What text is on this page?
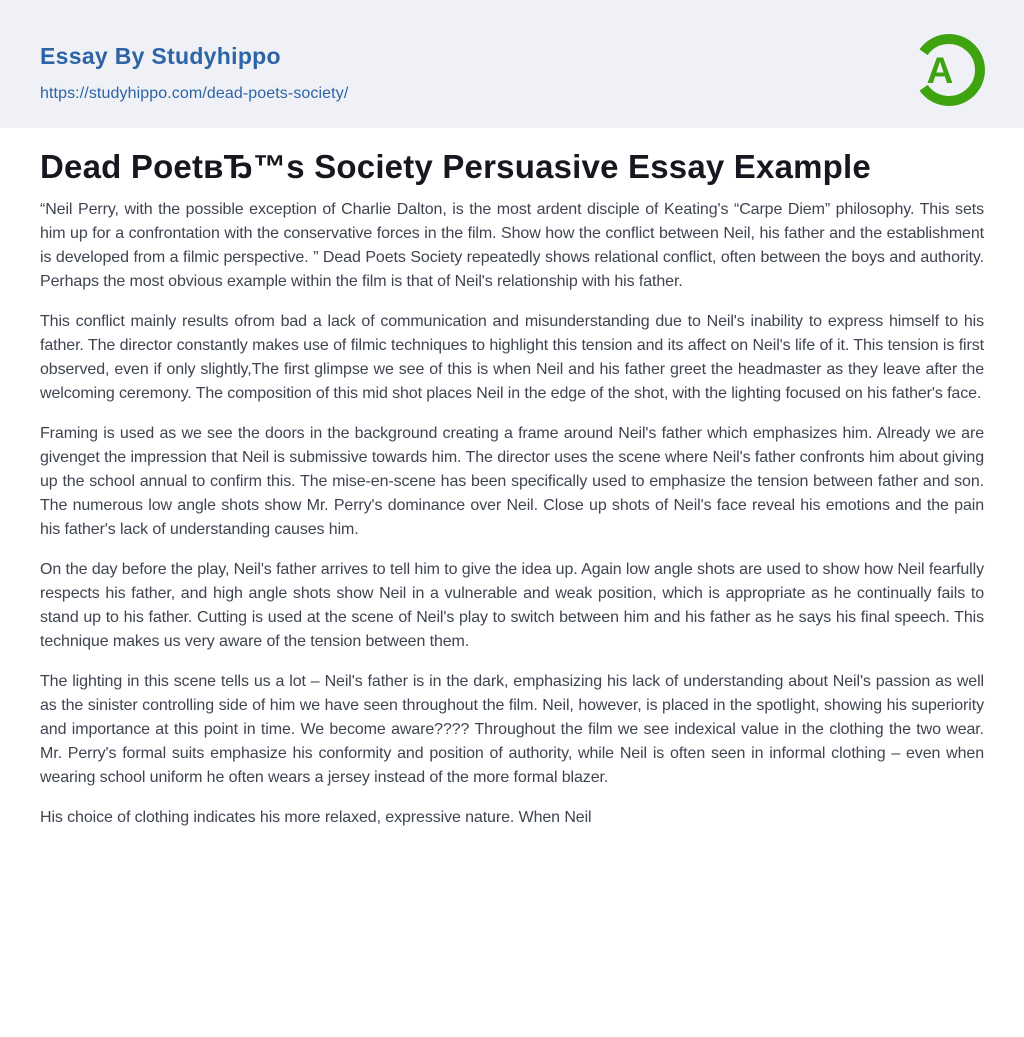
Essay By Studyhippo
https://studyhippo.com/dead-poets-society/
A
Dead PoetвЂ™s Society Persuasive Essay Example

“Neil Perry, with the possible exception of Charlie Dalton, is the most ardent disciple of Keating's “Carpe Diem” philosophy. This sets him up for a confrontation with the conservative forces in the film. Show how the conflict between Neil, his father and the establishment is developed from a filmic perspective. ” Dead Poets Society repeatedly shows relational conflict, often between the boys and authority. Perhaps the most obvious example within the film is that of Neil's relationship with his father.

This conflict mainly results ofrom bad a lack of communication and misunderstanding due to Neil's inability to express himself to his father. The director constantly makes use of filmic techniques to highlight this tension and its affect on Neil's life of it. This tension is first observed, even if only slightly,The first glimpse we see of this is when Neil and his father greet the headmaster as they leave after the welcoming ceremony. The composition of this mid shot places Neil in the edge of the shot, with the lighting focused on his father's face.

Framing is used as we see the doors in the background creating a frame around Neil's father which emphasizes him. Already we are givenget the impression that Neil is submissive towards him. The director uses the scene where Neil's father confronts him about giving up the school annual to confirm this. The mise-en-scene has been specifically used to emphasize the tension between father and son. The numerous low angle shots show Mr. Perry's dominance over Neil. Close up shots of Neil's face reveal his emotions and the pain his father's lack of understanding causes him.

On the day before the play, Neil's father arrives to tell him to give the idea up. Again low angle shots are used to show how Neil fearfully respects his father, and high angle shots show Neil in a vulnerable and weak position, which is appropriate as he continually fails to stand up to his father. Cutting is used at the scene of Neil's play to switch between him and his father as he says his final speech. This technique makes us very aware of the tension between them.

The lighting in this scene tells us a lot – Neil's father is in the dark, emphasizing his lack of understanding about Neil's passion as well as the sinister controlling side of him we have seen throughout the film. Neil, however, is placed in the spotlight, showing his superiority and importance at this point in time. We become aware???? Throughout the film we see indexical value in the clothing the two wear. Mr. Perry's formal suits emphasize his conformity and position of authority, while Neil is often seen in informal clothing – even when wearing school uniform he often wears a jersey instead of the more formal blazer.

His choice of clothing indicates his more relaxed, expressive nature. When Neil
